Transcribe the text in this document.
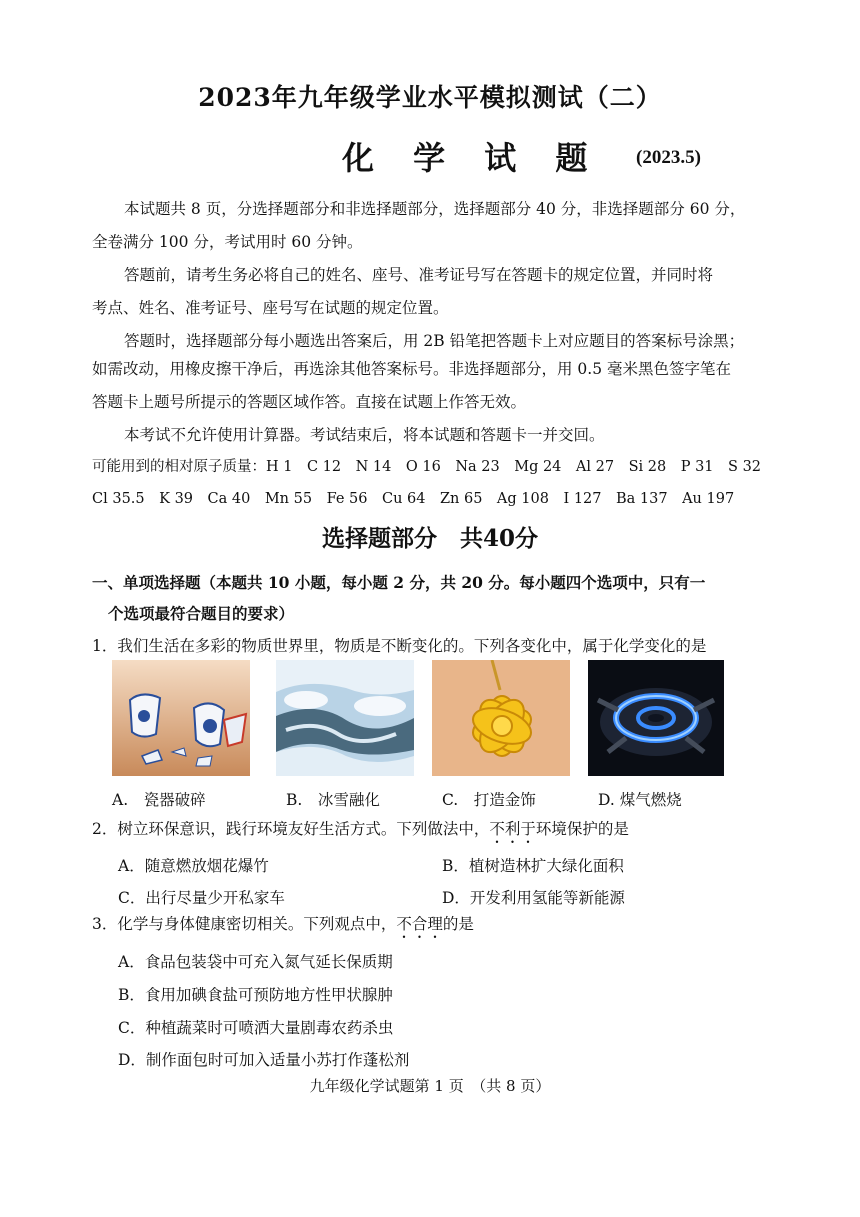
2023年九年级学业水平模拟测试（二）
化 学 试 题 (2023.5)
本试题共 8 页，分选择题部分和非选择题部分，选择题部分 40 分，非选择题部分 60 分，
全卷满分 100 分，考试用时 60 分钟。
答题前，请考生务必将自己的姓名、座号、准考证号写在答题卡的规定位置，并同时将
考点、姓名、准考证号、座号写在试题的规定位置。
答题时，选择题部分每小题选出答案后，用 2B 铅笔把答题卡上对应题目的答案标号涂黑；
如需改动，用橡皮擦干净后，再选涂其他答案标号。非选择题部分，用 0.5 毫米黑色签字笔在
答题卡上题号所提示的答题区域作答。直接在试题上作答无效。
本考试不允许使用计算器。考试结束后，将本试题和答题卡一并交回。
可能用到的相对原子质量：H 1　C 12　N 14　O 16　Na 23　Mg 24　Al 27　Si 28　P 31　S 32
Cl 35.5　K 39　Ca 40　Mn 55　Fe 56　Cu 64　Zn 65　Ag 108　I 127　Ba 137　Au 197
选择题部分　共40分
一、单项选择题（本题共 10 小题，每小题 2 分，共 20 分。每小题四个选项中，只有一
个选项最符合题目的要求）
1．我们生活在多彩的物质世界里，物质是不断变化的。下列各变化中，属于化学变化的是
A.　瓷器破碎	B.　冰雪融化	C.　打造金饰	D. 煤气燃烧
2．树立环保意识，践行环境友好生活方式。下列做法中，不利于环境保护的是
A．随意燃放烟花爆竹	B．植树造林扩大绿化面积
C．出行尽量少开私家车	D．开发利用氢能等新能源
3．化学与身体健康密切相关。下列观点中，不合理的是
A．食品包装袋中可充入氮气延长保质期
B．食用加碘食盐可预防地方性甲状腺肿
C．种植蔬菜时可喷洒大量剧毒农药杀虫
D．制作面包时可加入适量小苏打作蓬松剂
九年级化学试题第 1 页　（共 8 页）
